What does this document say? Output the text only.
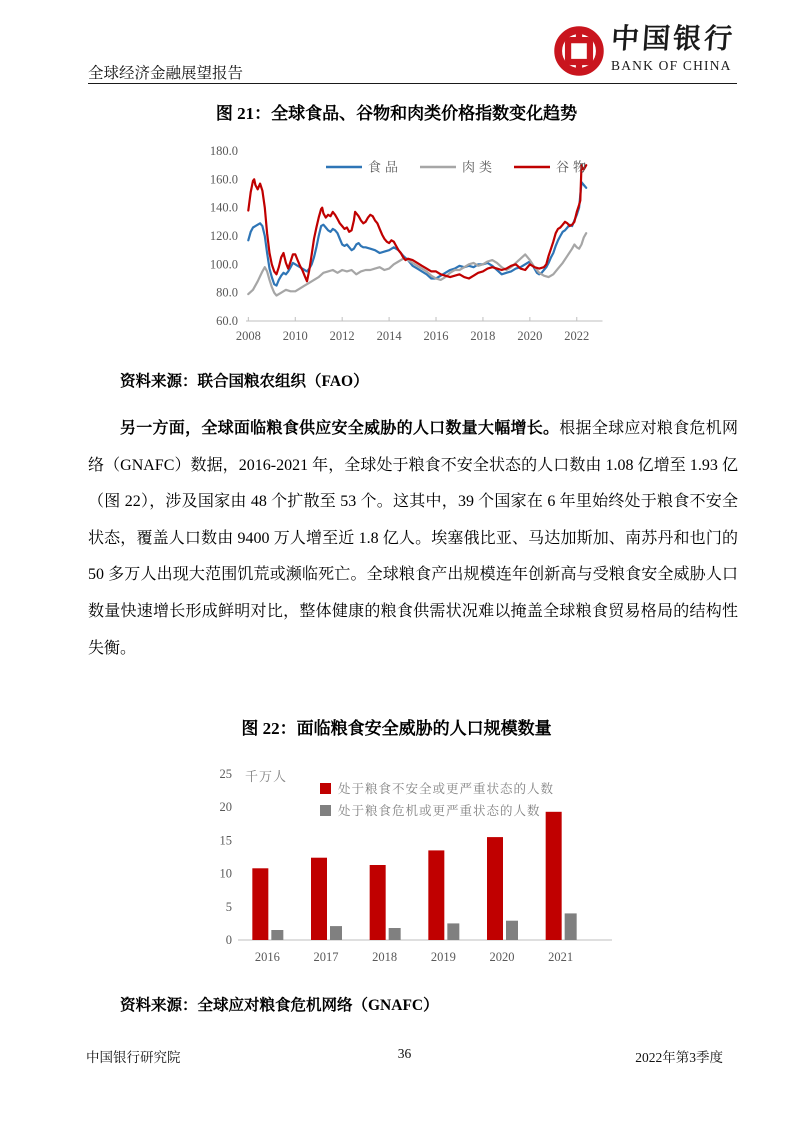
全球经济金融展望报告
中国银行
BANK OF CHINA
图 21：全球食品、谷物和肉类价格指数变化趋势
60.0
80.0
100.0
120.0
140.0
160.0
180.0
2008 2010 2012 2014 2016 2018 2020 2022
食品	肉类	谷物

资料来源：联合国粮农组织（FAO）

另一方面，全球面临粮食供应安全威胁的人口数量大幅增长。根据全球应对粮食危机网络（GNAFC）数据，2016-2021 年，全球处于粮食不安全状态的人口数由 1.08 亿增至 1.93 亿（图 22），涉及国家由 48 个扩散至 53 个。这其中，39 个国家在 6 年里始终处于粮食不安全状态，覆盖人口数由 9400 万人增至近 1.8 亿人。埃塞俄比亚、马达加斯加、南苏丹和也门的 50 多万人出现大范围饥荒或濒临死亡。全球粮食产出规模连年创新高与受粮食安全威胁人口数量快速增长形成鲜明对比，整体健康的粮食供需状况难以掩盖全球粮食贸易格局的结构性失衡。

图 22：面临粮食安全威胁的人口规模数量
0
5
10
15
20
25 千万人
2016	2017	2018	2019	2020	2021
处于粮食不安全或更严重状态的人数
处于粮食危机或更严重状态的人数

资料来源：全球应对粮食危机网络（GNAFC）

中国银行研究院	36	2022年第3季度
